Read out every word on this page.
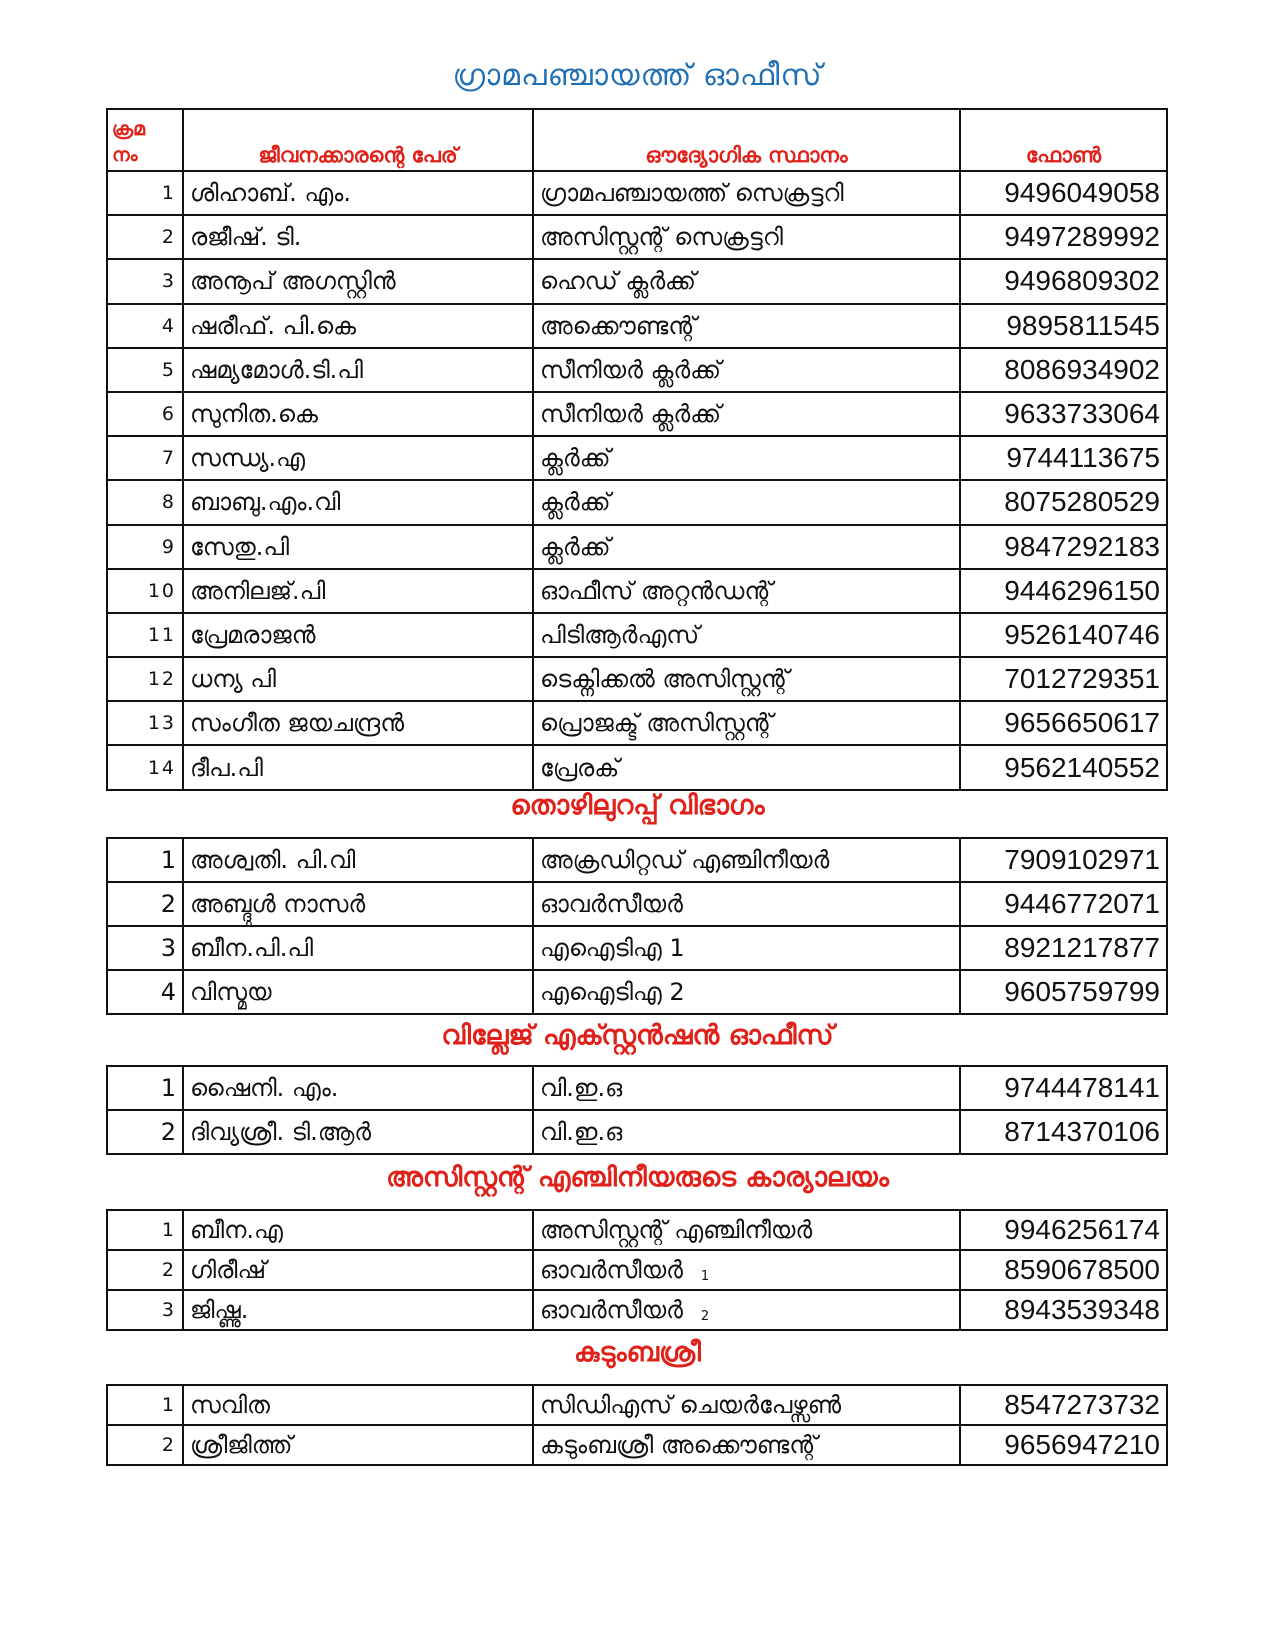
ഗ്രാമപഞ്ചായത്ത് ഓഫീസ്
ക്രമ
നം	ജീവനക്കാരന്റെ പേര്	ഔദ്യോഗിക സ്ഥാനം	ഫോൺ
1	ശിഹാബ്. എം.	ഗ്രാമപഞ്ചായത്ത് സെക്രട്ടറി	9496049058
2	രജീഷ്. ടി.	അസിസ്റ്റന്റ് സെക്രട്ടറി	9497289992
3	അനൂപ് അഗസ്റ്റിൻ	ഹെഡ് ക്ലർക്ക്	9496809302
4	ഷരീഫ്. പി.കെ	അക്കൌണ്ടന്റ്	9895811545
5	ഷമ്യമോൾ.ടി.പി	സീനിയർ ക്ലർക്ക്	8086934902
6	സുനിത.കെ	സീനിയർ ക്ലർക്ക്	9633733064
7	സന്ധ്യ.എ	ക്ലർക്ക്	9744113675
8	ബാബു.എം.വി	ക്ലർക്ക്	8075280529
9	സേതു.പി	ക്ലർക്ക്	9847292183
10	അനിലജ്.പി	ഓഫീസ് അറ്റൻഡന്റ്	9446296150
11	പ്രേമരാജൻ	പിടിആർഎസ്	9526140746
12	ധന്യ പി	ടെക്നിക്കൽ അസിസ്റ്റന്റ്	7012729351
13	സംഗീത ജയചന്ദ്രൻ	പ്രൊജക്ട് അസിസ്റ്റന്റ്	9656650617
14	ദീപ.പി	പ്രേരക്	9562140552
തൊഴിലുറപ്പ് വിഭാഗം
1	അശ്വതി. പി.വി	അക്രഡിറ്റഡ് എഞ്ചിനീയർ	7909102971
2	അബ്ദുൾ നാസർ	ഓവർസീയർ	9446772071
3	ബീന.പി.പി	എഐടിഎ 1	8921217877
4	വിസ്മയ	എഐടിഎ 2	9605759799
വില്ലേജ് എക്സ്റ്റൻഷൻ ഓഫീസ്
1	ഷൈനി. എം.	വി.ഇ.ഒ	9744478141
2	ദിവ്യശ്രീ. ടി.ആർ	വി.ഇ.ഒ	8714370106
അസിസ്റ്റന്റ് എഞ്ചിനീയരുടെ കാര്യാലയം
1	ബീന.എ	അസിസ്റ്റന്റ് എഞ്ചിനീയർ	9946256174
2	ഗിരീഷ്	ഓവർസീയർ 1	8590678500
3	ജിഷ്ണു.	ഓവർസീയർ 2	8943539348
കുടുംബശ്രീ
1	സവിത	സിഡിഎസ് ചെയർപേഴ്സൺ	8547273732
2	ശ്രീജിത്ത്	കടുംബശ്രീ അക്കൌണ്ടന്റ്	9656947210
